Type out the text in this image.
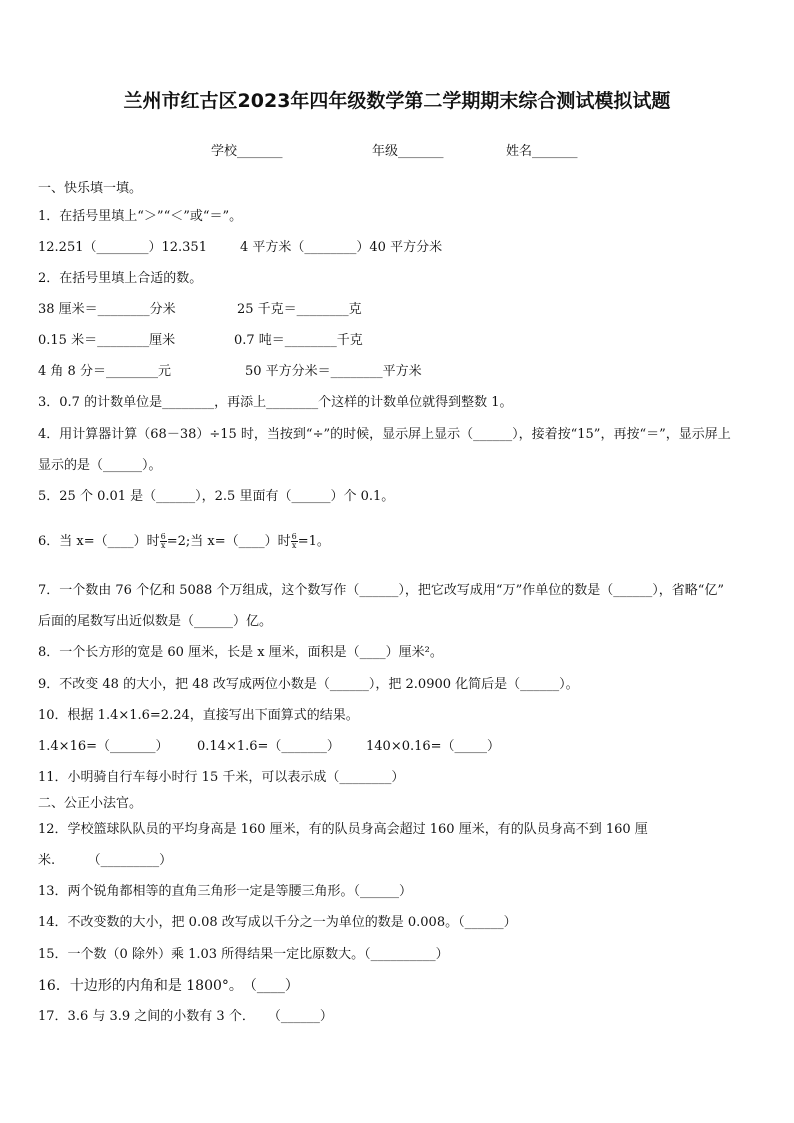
兰州市红古区2023年四年级数学第二学期期末综合测试模拟试题
学校_______	年级_______	姓名_______
一、快乐填一填。
1．在括号里填上“＞”“＜”或“＝”。
12.251（________）12.351	4 平方米（________）40 平方分米
2．在括号里填上合适的数。
38 厘米＝________分米	25 千克＝________克
0.15 米＝________厘米	0.7 吨＝________千克
4 角 8 分＝________元	50 平方分米＝________平方米
3．0.7 的计数单位是________，再添上________个这样的计数单位就得到整数 1。
4．用计算器计算（68－38）÷15 时，当按到“÷”的时候，显示屏上显示（______），接着按“15”，再按“＝”，显示屏上
显示的是（______）。
5．25 个 0.01 是（______），2.5 里面有（______）个 0.1。
6．当 x=（____）时 $\frac{6}{x} =2$;当 x=（____）时 $\frac{6}{x} =1$。
7．一个数由 76 个亿和 5088 个万组成，这个数写作（______），把它改写成用“万”作单位的数是（______），省略“亿”
后面的尾数写出近似数是（______）亿。
8．一个长方形的宽是 60 厘米，长是 x 厘米，面积是（____）厘米²。
9．不改变 48 的大小，把 48 改写成两位小数是（______），把 2.0900 化简后是（______）。
10．根据 1.4×1.6=2.24，直接写出下面算式的结果。
1.4×16=（_______） 0.14×1.6=（_______） 140×0.16=（_____）
11．小明骑自行车每小时行 15 千米，可以表示成（________）
二、公正小法官。
12．学校篮球队队员的平均身高是 160 厘米，有的队员身高会超过 160 厘米，有的队员身高不到 160 厘
米.　　　（_________）
13．两个锐角都相等的直角三角形一定是等腰三角形。（______）
14．不改变数的大小，把 0.08 改写成以千分之一为单位的数是 0.008。（______）
15．一个数（0 除外）乘 1.03 所得结果一定比原数大。（__________）
16．十边形的内角和是 1800°。　（____）
17．3.6 与 3.9 之间的小数有 3 个．　　（______）
